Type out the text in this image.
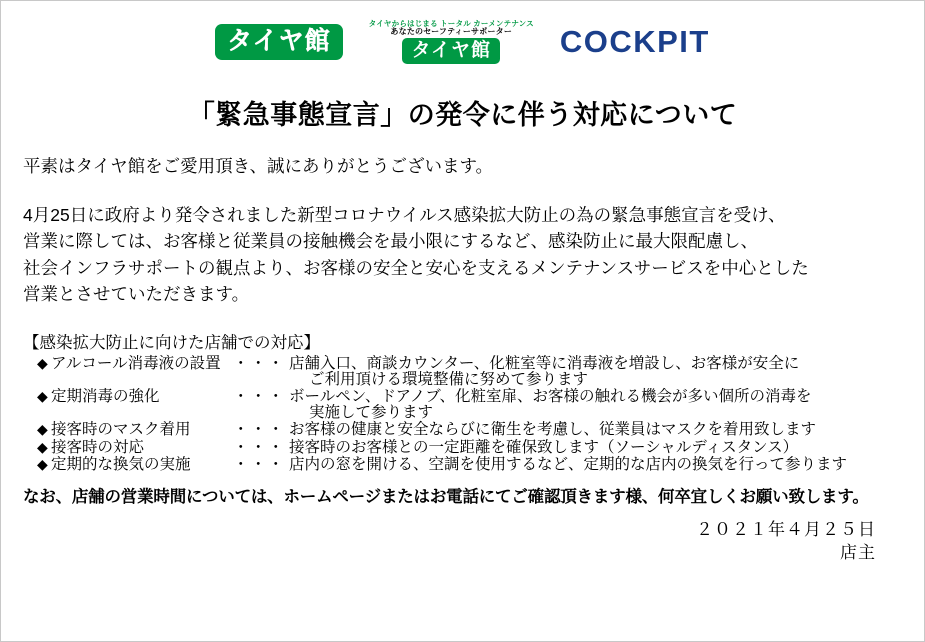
タイヤ館
タイヤからはじまる トータル カーメンテナンス
あなたのセーフティーサポーター
タイヤ館 COCKPIT
「緊急事態宣言」の発令に伴う対応について
平素はタイヤ館をご愛用頂き、誠にありがとうございます。
4月25日に政府より発令されました新型コロナウイルス感染拡大防止の為の緊急事態宣言を受け、
営業に際しては、お客様と従業員の接触機会を最小限にするなど、感染防止に最大限配慮し、
社会インフラサポートの観点より、お客様の安全と安心を支えるメンテナンスサービスを中心とした
営業とさせていただきます。
【感染拡大防止に向けた店舗での対応】
◆ アルコール消毒液の設置 ・・・ 店舗入口、商談カウンター、化粧室等に消毒液を増設し、お客様が安全に
ご利用頂ける環境整備に努めて参ります
◆ 定期消毒の強化	・・・ ボールペン、ドアノブ、化粧室扉、お客様の触れる機会が多い個所の消毒を
実施して参ります
◆ 接客時のマスク着用	・・・ お客様の健康と安全ならびに衛生を考慮し、従業員はマスクを着用致します
◆ 接客時の対応	・・・ 接客時のお客様との一定距離を確保致します（ソーシャルディスタンス）
◆ 定期的な換気の実施	・・・ 店内の窓を開ける、空調を使用するなど、定期的な店内の換気を行って参ります
なお、店舗の営業時間については、ホームページまたはお電話にてご確認頂きます様、何卒宜しくお願い致します。
２０２１年４月２５日
店主
